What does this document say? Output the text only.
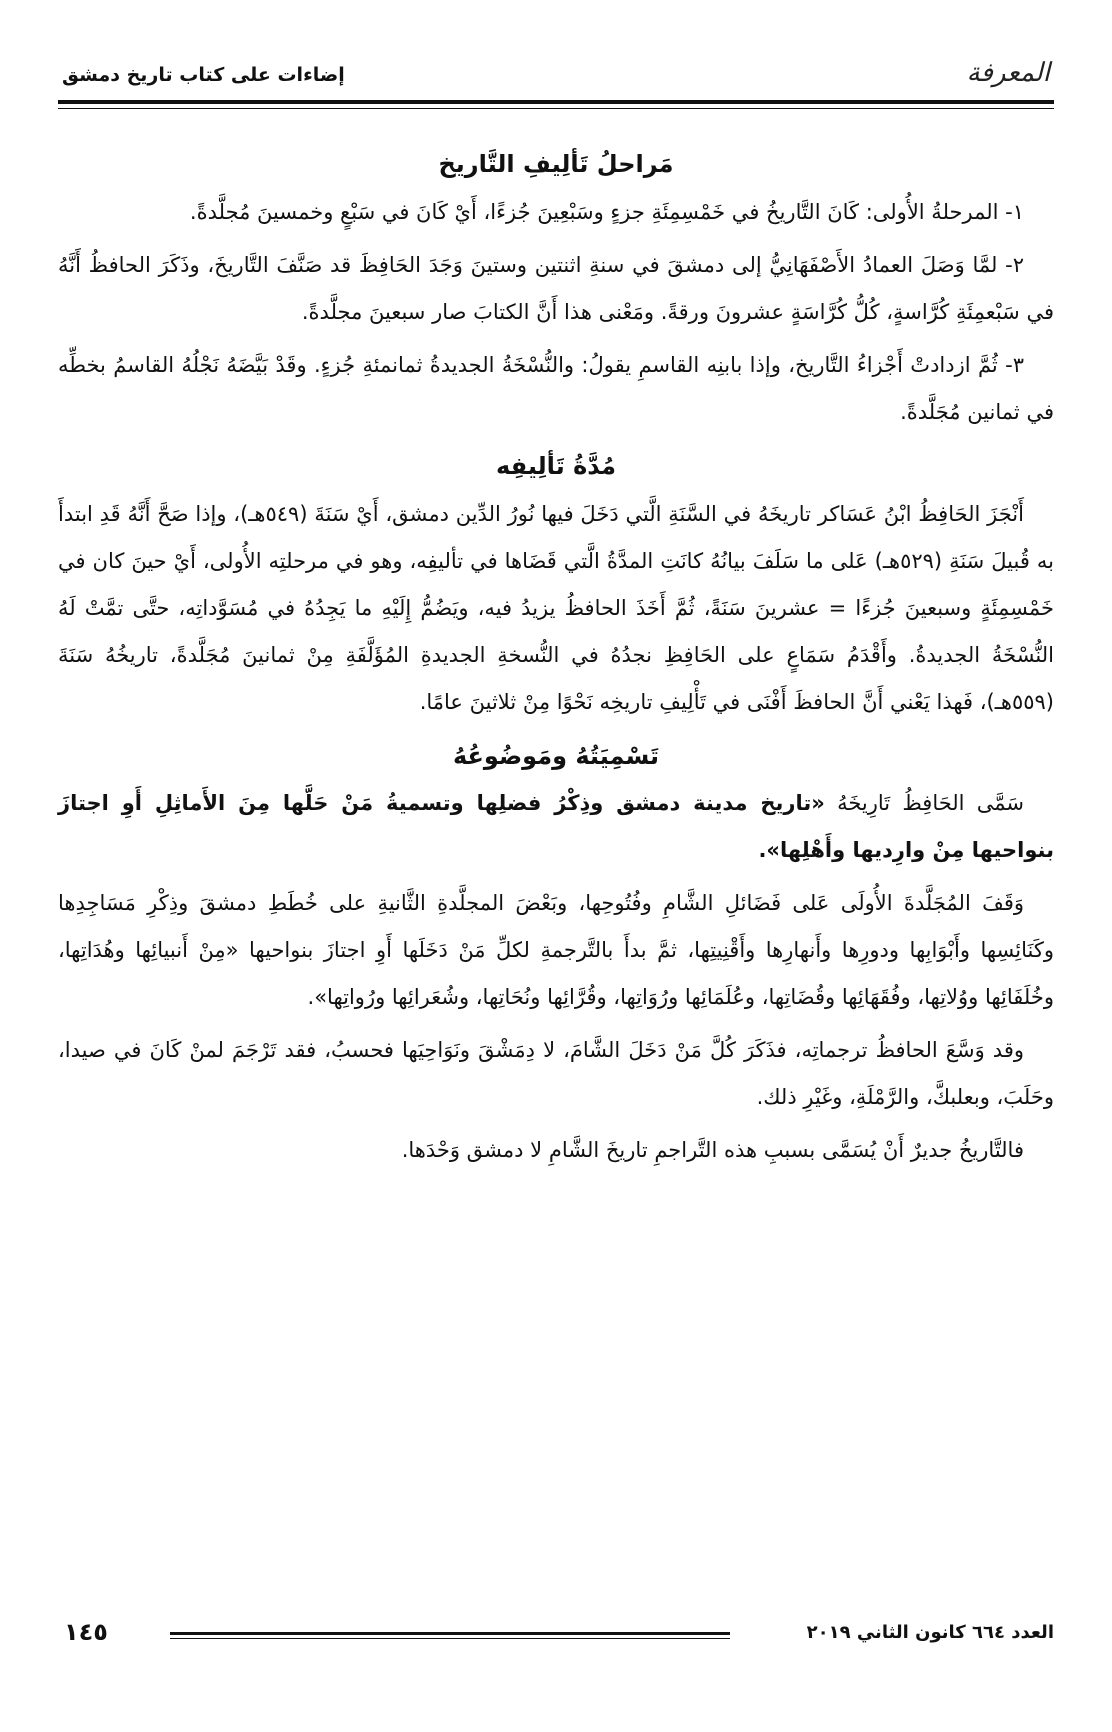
المعرفة
إضاءات على كتاب تاريخ دمشق
مَراحلُ تَألِيفِ التَّاريخ

١- المرحلةُ الأُولى: كَانَ التَّاريخُ في خَمْسِمِئَةِ جزءٍ وسَبْعِينَ جُزءًا، أَيْ كَانَ في سَبْعٍ وخمسينَ مُجلَّدةً.

٢- لمَّا وَصَلَ العمادُ الأَصْفَهَانِيُّ إلى دمشقَ في سنةِ اثنتين وستينَ وَجَدَ الحَافِظَ قد صَنَّفَ التَّاريخَ، وذَكَرَ الحافظُ أَنَّهُ في سَبْعمِئَةِ كُرَّاسةٍ، كُلُّ كُرَّاسَةٍ عشرونَ ورقةً. ومَعْنى هذا أَنَّ الكتابَ صار سبعينَ مجلَّدةً.

٣- ثُمَّ ازدادتْ أَجْزاءُ التَّاريخ، وإذا بابنِه القاسمِ يقولُ: والنُّسْخَةُ الجديدةُ ثمانمئةِ جُزءٍ. وقَدْ بَيَّضَهُ نَجْلُهُ القاسمُ بخطِّه في ثمانين مُجَلَّدةً.

مُدَّةُ تَألِيفِه

أَنْجَزَ الحَافِظُ ابْنُ عَسَاكر تاريخَهُ في السَّنَةِ الَّتي دَخَلَ فيها نُورُ الدِّين دمشق، أَيْ سَنَةَ (٥٤٩هـ)، وإذا صَحَّ أَنَّهُ قَدِ ابتدأَ به قُبيلَ سَنَةِ (٥٢٩هـ) عَلى ما سَلَفَ بيانُهُ كانَتِ المدَّةُ الَّتي قَضَاها في تأليفِه، وهو في مرحلتِه الأُولى، أَيْ حينَ كان في خَمْسِمِئَةٍ وسبعينَ جُزءًا = عشرينَ سَنَةً، ثُمَّ أَخَذَ الحافظُ يزيدُ فيه، ويَضُمُّ إِلَيْهِ ما يَجِدُهُ في مُسَوَّداتِه، حتَّى تمَّتْ لَهُ النُّسْخَةُ الجديدةُ. وأَقْدَمُ سَمَاعٍ على الحَافِظِ نجدُهُ في النُّسخةِ الجديدةِ المُؤَلَّفَةِ مِنْ ثمانينَ مُجَلَّدةً، تاريخُهُ سَنَةَ (٥٥٩هـ)، فَهذا يَعْني أَنَّ الحافظَ أَفْنَى في تَأْلِيفِ تاريخِه نَحْوًا مِنْ ثلاثينَ عامًا.

تَسْمِيَتُهُ ومَوضُوعُهُ

سَمَّى الحَافِظُ تَارِيخَهُ «تاريخ مدينة دمشق وذِكْرُ فضلِها وتسميةُ مَنْ حَلَّها مِنَ الأَماثِلِ أَوِ اجتازَ بنواحيها مِنْ وارِديها وأَهْلِها».

وَقَفَ المُجَلَّدةَ الأُولَى عَلى فَضَائلِ الشَّامِ وفُتُوحِها، وبَعْضَ المجلَّدةِ الثَّانيةِ على خُطَطِ دمشقَ وذِكْرِ مَسَاجِدِها وكَنَائِسِها وأَبْوَابِها ودورِها وأَنهارِها وأَقْنِيتِها، ثمَّ بدأَ بالتَّرجمةِ لكلِّ مَنْ دَخَلَها أَوِ اجتازَ بنواحيها «مِنْ أَنبيائِها وهُدَاتِها، وخُلَفَائِها ووُلاتِها، وفُقَهَائِها وقُضَاتِها، وعُلَمَائِها ورُوَاتِها، وقُرَّائِها ونُحَاتِها، وشُعَرائِها ورُواتِها».

وقد وَسَّعَ الحافظُ ترجماتِه، فذَكَرَ كُلَّ مَنْ دَخَلَ الشَّامَ، لا دِمَشْقَ ونَوَاحِيَها فحسبُ، فقد تَرْجَمَ لمنْ كَانَ في صيدا، وحَلَبَ، وبعلبكَّ، والرَّمْلَةِ، وغَيْرِ ذلك.

فالتَّاريخُ جديرٌ أَنْ يُسَمَّى بسببِ هذه التَّراجمِ تاريخَ الشَّامِ لا دمشق وَحْدَها.

العدد ٦٦٤ كانون الثاني ٢٠١٩
١٤٥
